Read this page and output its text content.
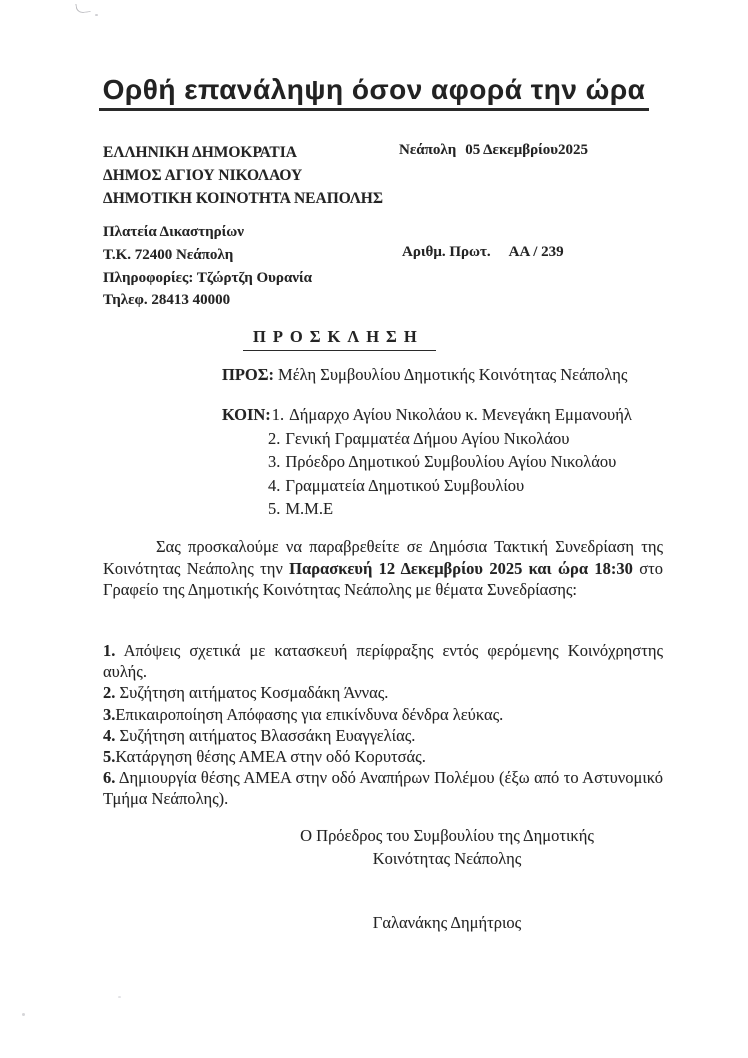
Ορθή επανάληψη όσον αφορά την ώρα
ΕΛΛΗΝΙΚΗ ΔΗΜΟΚΡΑΤΙΑ
ΔΗΜΟΣ ΑΓΙΟΥ ΝΙΚΟΛΑΟΥ
ΔΗΜΟΤΙΚΗ ΚΟΙΝΟΤΗΤΑ ΝΕΑΠΟΛΗΣ
Νεάπολη 05 Δεκεμβρίου2025
Πλατεία Δικαστηρίων
Τ.Κ. 72400 Νεάπολη
Πληροφορίες: Τζώρτζη Ουρανία
Τηλεφ. 28413 40000
Αριθμ. Πρωτ. ΑΑ / 239
ΠΡΟΣΚΛΗΣΗ
ΠΡΟΣ: Μέλη Συμβουλίου Δημοτικής Κοινότητας Νεάπολης
ΚΟΙΝ:1. Δήμαρχο Αγίου Νικολάου κ. Μενεγάκη Εμμανουήλ
2. Γενική Γραμματέα Δήμου Αγίου Νικολάου
3. Πρόεδρο Δημοτικού Συμβουλίου Αγίου Νικολάου
4. Γραμματεία Δημοτικού Συμβουλίου
5. Μ.Μ.Ε

Σας προσκαλούμε να παραβρεθείτε σε Δημόσια Τακτική Συνεδρίαση της Κοινότητας Νεάπολης την Παρασκευή 12 Δεκεμβρίου 2025 και ώρα 18:30 στο Γραφείο της Δημοτικής Κοινότητας Νεάπολης με θέματα Συνεδρίασης:

1. Απόψεις σχετικά με κατασκευή περίφραξης εντός φερόμενης Κοινόχρηστης αυλής.

2. Συζήτηση αιτήματος Κοσμαδάκη Άννας.

3.Επικαιροποίηση Απόφασης για επικίνδυνα δένδρα λεύκας.

4. Συζήτηση αιτήματος Βλασσάκη Ευαγγελίας.

5.Κατάργηση θέσης ΑΜΕΑ στην οδό Κορυτσάς.

6. Δημιουργία θέσης ΑΜΕΑ στην οδό Αναπήρων Πολέμου (έξω από το Αστυνομικό Τμήμα Νεάπολης).

Ο Πρόεδρος του Συμβουλίου της Δημοτικής
Κοινότητας Νεάπολης
Γαλανάκης Δημήτριος
